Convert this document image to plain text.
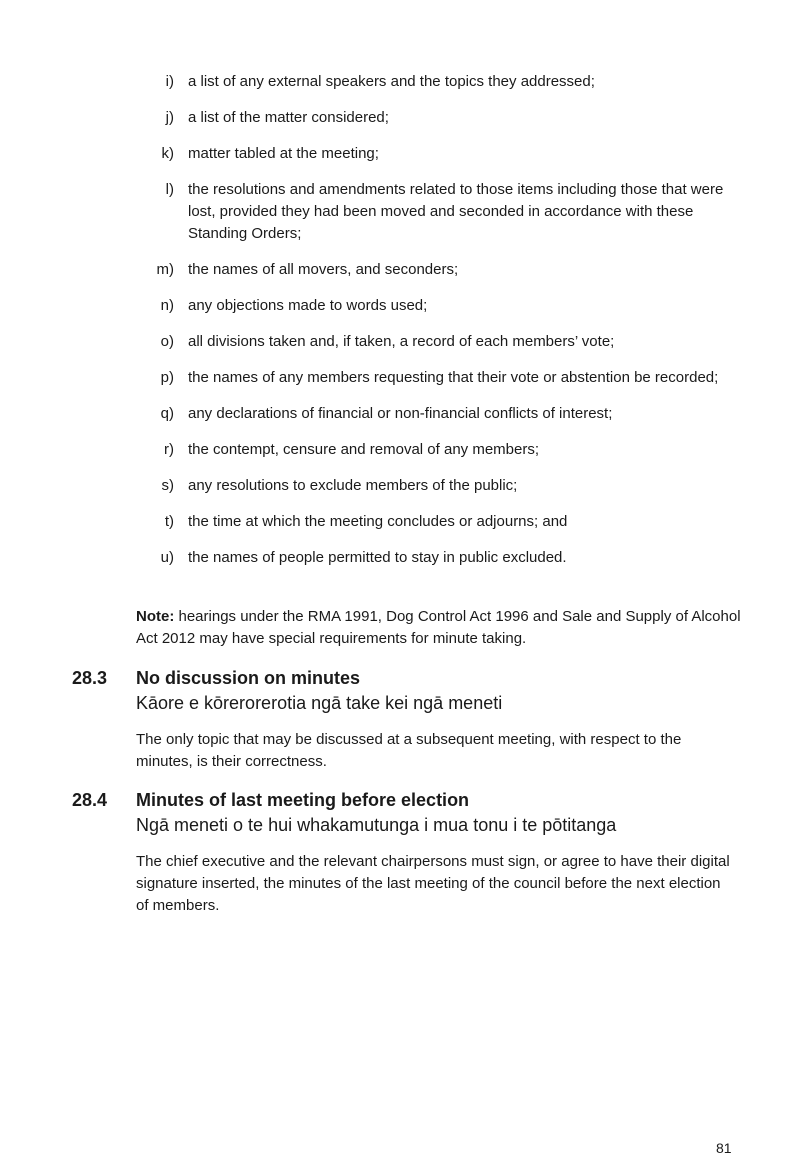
i) a list of any external speakers and the topics they addressed;
j) a list of the matter considered;
k) matter tabled at the meeting;
l) the resolutions and amendments related to those items including those that were lost, provided they had been moved and seconded in accordance with these Standing Orders;
m) the names of all movers, and seconders;
n) any objections made to words used;
o) all divisions taken and, if taken, a record of each members’ vote;
p) the names of any members requesting that their vote or abstention be recorded;
q) any declarations of financial or non-financial conflicts of interest;
r) the contempt, censure and removal of any members;
s) any resolutions to exclude members of the public;
t) the time at which the meeting concludes or adjourns; and
u) the names of people permitted to stay in public excluded.

Note: hearings under the RMA 1991, Dog Control Act 1996 and Sale and Supply of Alcohol Act 2012 may have special requirements for minute taking.

28.3 No discussion on minutes
Kāore e kōrerorerotia ngā take kei ngā meneti

The only topic that may be discussed at a subsequent meeting, with respect to the minutes, is their correctness.

28.4 Minutes of last meeting before election
Ngā meneti o te hui whakamutunga i mua tonu i te pōtitanga

The chief executive and the relevant chairpersons must sign, or agree to have their digital signature inserted, the minutes of the last meeting of the council before the next election of members.

81
